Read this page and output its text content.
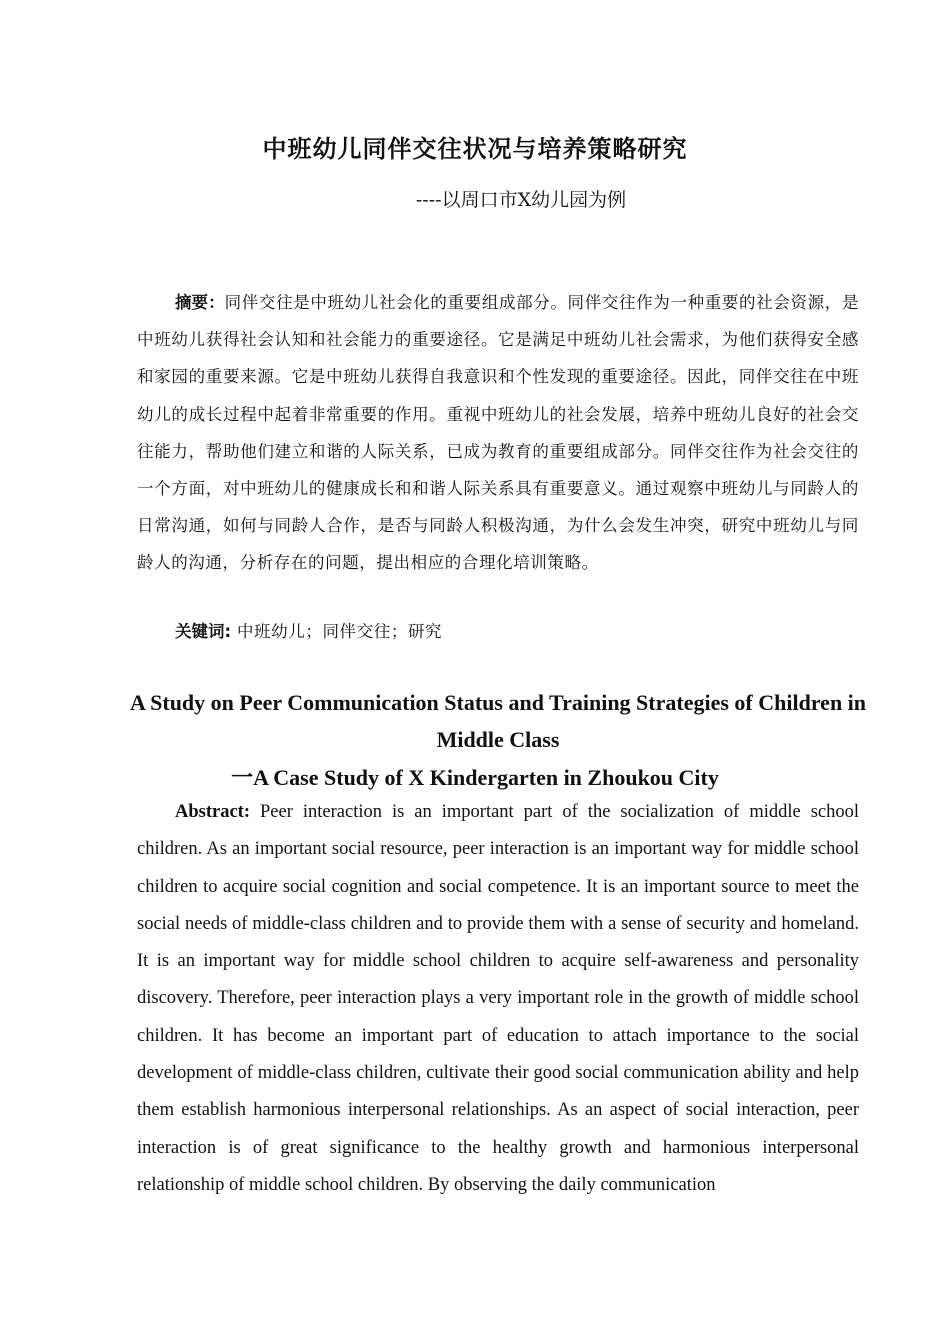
中班幼儿同伴交往状况与培养策略研究

----以周口市X幼儿园为例

摘要：同伴交往是中班幼儿社会化的重要组成部分。同伴交往作为一种重要的社会资源，是中班幼儿获得社会认知和社会能力的重要途径。它是满足中班幼儿社会需求，为他们获得安全感和家园的重要来源。它是中班幼儿获得自我意识和个性发现的重要途径。因此，同伴交往在中班幼儿的成长过程中起着非常重要的作用。重视中班幼儿的社会发展，培养中班幼儿良好的社会交往能力，帮助他们建立和谐的人际关系，已成为教育的重要组成部分。同伴交往作为社会交往的一个方面，对中班幼儿的健康成长和和谐人际关系具有重要意义。通过观察中班幼儿与同龄人的日常沟通，如何与同龄人合作，是否与同龄人积极沟通，为什么会发生冲突，研究中班幼儿与同龄人的沟通，分析存在的问题，提出相应的合理化培训策略。

关键词: 中班幼儿；同伴交往；研究

A Study on Peer Communication Status and Training Strategies of Children in Middle Class

一A Case Study of X Kindergarten in Zhoukou City

Abstract: Peer interaction is an important part of the socialization of middle school children. As an important social resource, peer interaction is an important way for middle school children to acquire social cognition and social competence. It is an important source to meet the social needs of middle-class children and to provide them with a sense of security and homeland. It is an important way for middle school children to acquire self-awareness and personality discovery. Therefore, peer interaction plays a very important role in the growth of middle school children. It has become an important part of education to attach importance to the social development of middle-class children, cultivate their good social communication ability and help them establish harmonious interpersonal relationships. As an aspect of social interaction, peer interaction is of great significance to the healthy growth and harmonious interpersonal relationship of middle school children. By observing the daily communication
